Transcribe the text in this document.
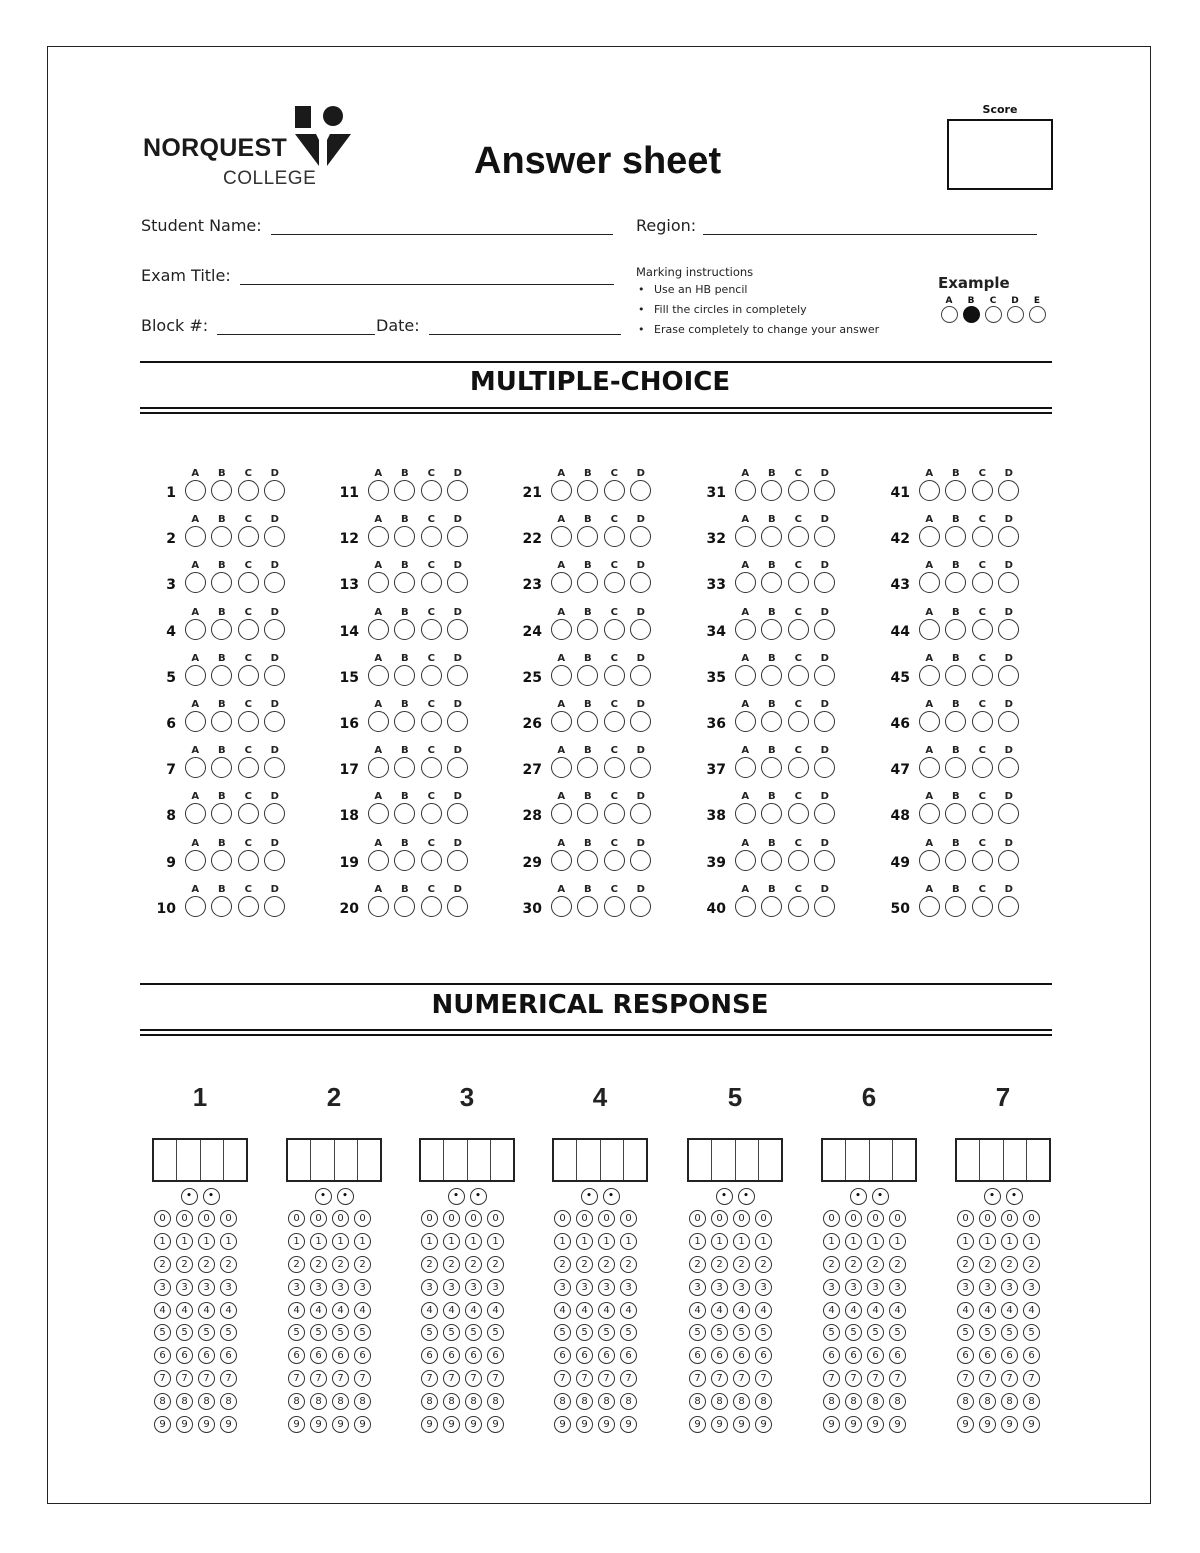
NORQUEST
COLLEGE	Answer sheet
Score
Student Name:	Region:
Exam Title:
Block #:	Date:
Marking instructions
• Use an HB pencil
• Fill the circles in completely
• Erase completely to change your answer
Example
A	B	C	D	E
MULTIPLE-CHOICE
1
A	B	C	D
2
A	B	C	D
3
A	B	C	D
4
A	B	C	D
5
A	B	C	D
6
A	B	C	D
7
A	B	C	D
8
A	B	C	D
9
A	B	C	D
10
A	B	C	D
11
A	B	C	D
12
A	B	C	D
13
A	B	C	D
14
A	B	C	D
15
A	B	C	D
16
A	B	C	D
17
A	B	C	D
18
A	B	C	D
19
A	B	C	D
20
A	B	C	D
21
A	B	C	D
22
A	B	C	D
23
A	B	C	D
24
A	B	C	D
25
A	B	C	D
26
A	B	C	D
27
A	B	C	D
28
A	B	C	D
29
A	B	C	D
30
A	B	C	D
31
A	B	C	D
32
A	B	C	D
33
A	B	C	D
34
A	B	C	D
35
A	B	C	D
36
A	B	C	D
37
A	B	C	D
38
A	B	C	D
39
A	B	C	D
40
A	B	C	D
41
A	B	C	D
42
A	B	C	D
43
A	B	C	D
44
A	B	C	D
45
A	B	C	D
46
A	B	C	D
47
A	B	C	D
48
A	B	C	D
49
A	B	C	D
50
A	B	C	D
NUMERICAL RESPONSE
1
•	•
0	0	0	0
1	1	1	1
2	2	2	2
3	3	3	3
4	4	4	4
5	5	5	5
6	6	6	6
7	7	7	7
8	8	8	8
9	9	9	9
2
•	•
0	0	0	0
1	1	1	1
2	2	2	2
3	3	3	3
4	4	4	4
5	5	5	5
6	6	6	6
7	7	7	7
8	8	8	8
9	9	9	9
3
•	•
0	0	0	0
1	1	1	1
2	2	2	2
3	3	3	3
4	4	4	4
5	5	5	5
6	6	6	6
7	7	7	7
8	8	8	8
9	9	9	9
4
•	•
0	0	0	0
1	1	1	1
2	2	2	2
3	3	3	3
4	4	4	4
5	5	5	5
6	6	6	6
7	7	7	7
8	8	8	8
9	9	9	9
5
•	•
0	0	0	0
1	1	1	1
2	2	2	2
3	3	3	3
4	4	4	4
5	5	5	5
6	6	6	6
7	7	7	7
8	8	8	8
9	9	9	9
6
•	•
0	0	0	0
1	1	1	1
2	2	2	2
3	3	3	3
4	4	4	4
5	5	5	5
6	6	6	6
7	7	7	7
8	8	8	8
9	9	9	9
7
•	•
0	0	0	0
1	1	1	1
2	2	2	2
3	3	3	3
4	4	4	4
5	5	5	5
6	6	6	6
7	7	7	7
8	8	8	8
9	9	9	9
